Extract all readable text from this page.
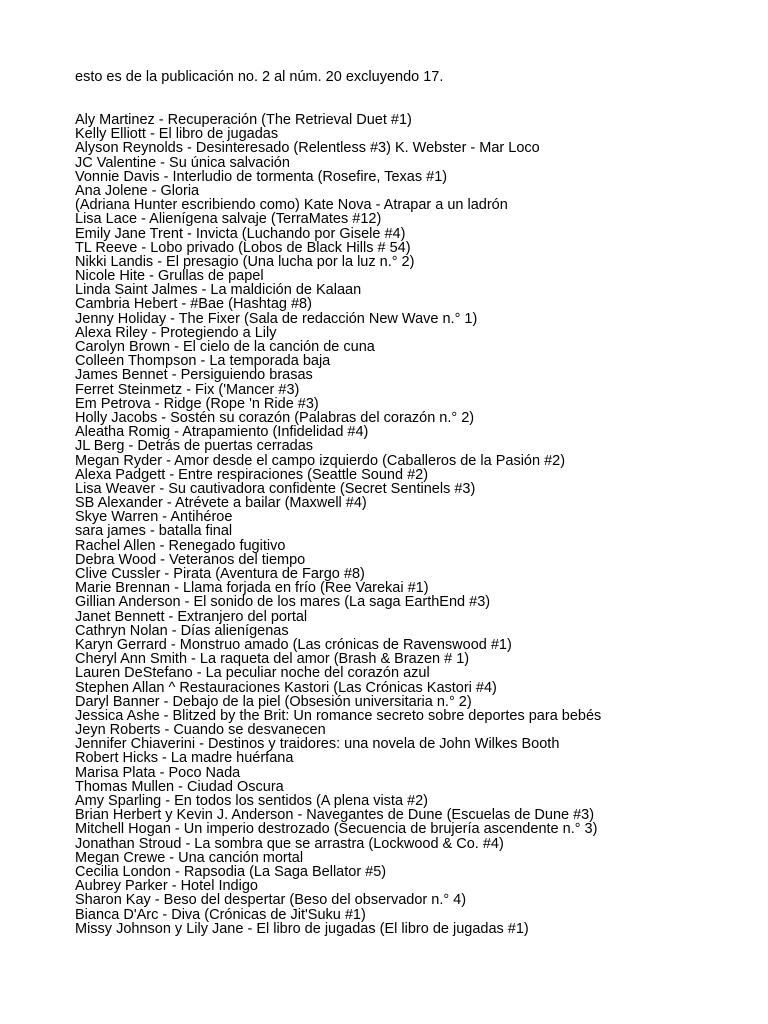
esto es de la publicación no. 2 al núm. 20 excluyendo 17.

Aly Martinez - Recuperación (The Retrieval Duet #1)
Kelly Elliott - El libro de jugadas
Alyson Reynolds - Desinteresado (Relentless #3) K. Webster - Mar Loco
JC Valentine - Su única salvación
Vonnie Davis - Interludio de tormenta (Rosefire, Texas #1)
Ana Jolene - Gloria
(Adriana Hunter escribiendo como) Kate Nova - Atrapar a un ladrón
Lisa Lace - Alienígena salvaje (TerraMates #12)
Emily Jane Trent - Invicta (Luchando por Gisele #4)
TL Reeve - Lobo privado (Lobos de Black Hills # 54)
Nikki Landis - El presagio (Una lucha por la luz n.° 2)
Nicole Hite - Grullas de papel
Linda Saint Jalmes - La maldición de Kalaan
Cambria Hebert - #Bae (Hashtag #8)
Jenny Holiday - The Fixer (Sala de redacción New Wave n.° 1)
Alexa Riley - Protegiendo a Lily
Carolyn Brown - El cielo de la canción de cuna
Colleen Thompson - La temporada baja
James Bennet - Persiguiendo brasas
Ferret Steinmetz - Fix ('Mancer #3)
Em Petrova - Ridge (Rope 'n Ride #3)
Holly Jacobs - Sostén su corazón (Palabras del corazón n.° 2)
Aleatha Romig - Atrapamiento (Infidelidad #4)
JL Berg - Detrás de puertas cerradas
Megan Ryder - Amor desde el campo izquierdo (Caballeros de la Pasión #2)
Alexa Padgett - Entre respiraciones (Seattle Sound #2)
Lisa Weaver - Su cautivadora confidente (Secret Sentinels #3)
SB Alexander - Atrévete a bailar (Maxwell #4)
Skye Warren - Antihéroe
sara james - batalla final
Rachel Allen - Renegado fugitivo
Debra Wood - Veteranos del tiempo
Clive Cussler - Pirata (Aventura de Fargo #8)
Marie Brennan - Llama forjada en frío (Ree Varekai #1)
Gillian Anderson - El sonido de los mares (La saga EarthEnd #3)
Janet Bennett - Extranjero del portal
Cathryn Nolan - Días alienígenas
Karyn Gerrard - Monstruo amado (Las crónicas de Ravenswood #1)
Cheryl Ann Smith - La raqueta del amor (Brash & Brazen # 1)
Lauren DeStefano - La peculiar noche del corazón azul
Stephen Allan ^ Restauraciones Kastori (Las Crónicas Kastori #4)
Daryl Banner - Debajo de la piel (Obsesión universitaria n.° 2)
Jessica Ashe - Blitzed by the Brit: Un romance secreto sobre deportes para bebés
Jeyn Roberts - Cuando se desvanecen
Jennifer Chiaverini - Destinos y traidores: una novela de John Wilkes Booth
Robert Hicks - La madre huérfana
Marisa Plata - Poco Nada
Thomas Mullen - Ciudad Oscura
Amy Sparling - En todos los sentidos (A plena vista #2)
Brian Herbert y Kevin J. Anderson - Navegantes de Dune (Escuelas de Dune #3)
Mitchell Hogan - Un imperio destrozado (Secuencia de brujería ascendente n.° 3)
Jonathan Stroud - La sombra que se arrastra (Lockwood & Co. #4)
Megan Crewe - Una canción mortal
Cecilia London - Rapsodia (La Saga Bellator #5)
Aubrey Parker - Hotel Indigo
Sharon Kay - Beso del despertar (Beso del observador n.° 4)
Bianca D'Arc - Diva (Crónicas de Jit'Suku #1)
Missy Johnson y Lily Jane - El libro de jugadas (El libro de jugadas #1)
